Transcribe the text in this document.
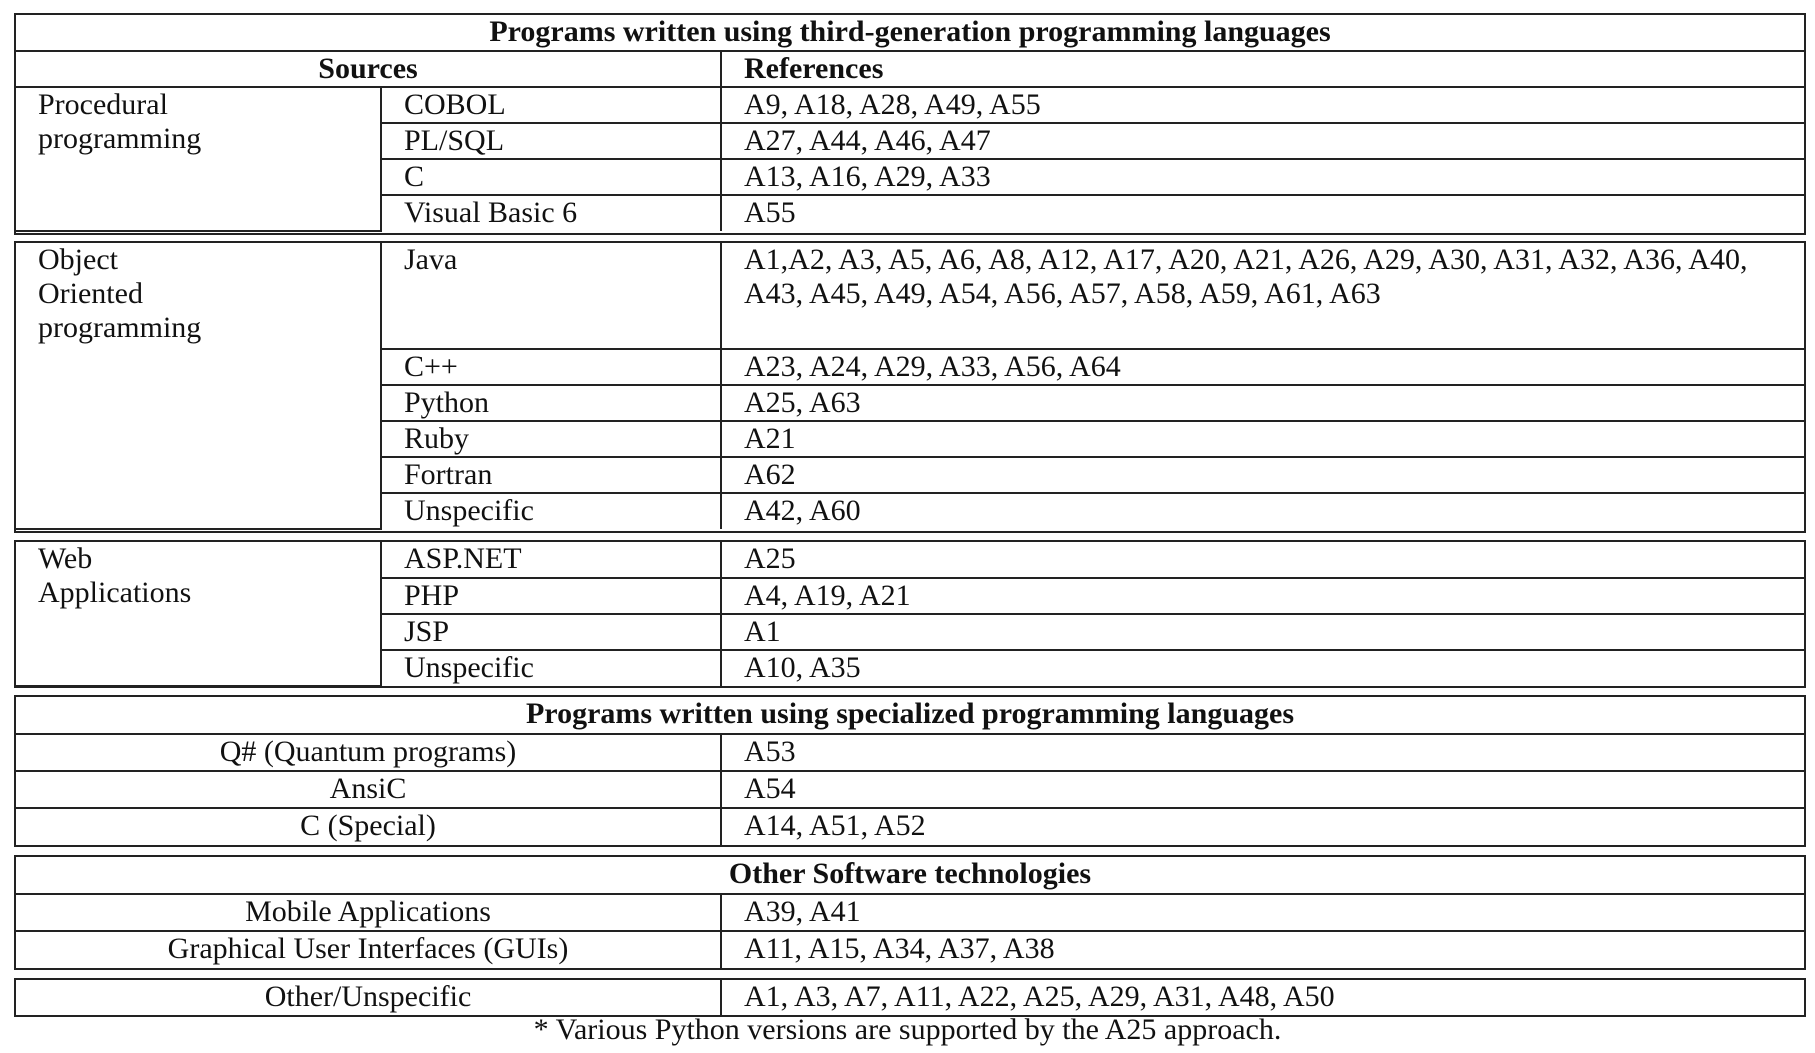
Programs written using third-generation programming languages		
Sources		References
Procedural programming	COBOL	A9, A18, A28, A49, A55
	PL/SQL	A27, A44, A46, A47
	C	A13, A16, A29, A33
	Visual Basic 6	A55
Object Oriented programming	Java	A1,A2, A3, A5, A6, A8, A12, A17, A20, A21, A26, A29, A30, A31, A32, A36, A40, A43, A45, A49, A54, A56, A57, A58, A59, A61, A63
	C++	A23, A24, A29, A33, A56, A64
	Python	A25, A63
	Ruby	A21
	Fortran	A62
	Unspecific	A42, A60
Web Applications	ASP.NET	A25
	PHP	A4, A19, A21
	JSP	A1
	Unspecific	A10, A35
Programs written using specialized programming languages	
Q# (Quantum programs)	A53
AnsiC	A54
C (Special)	A14, A51, A52
Other Software technologies	
Mobile Applications	A39, A41
Graphical User Interfaces (GUIs)	A11, A15, A34, A37, A38
Other/Unspecific	A1, A3, A7, A11, A22, A25, A29, A31, A48, A50
* Various Python versions are supported by the A25 approach.
